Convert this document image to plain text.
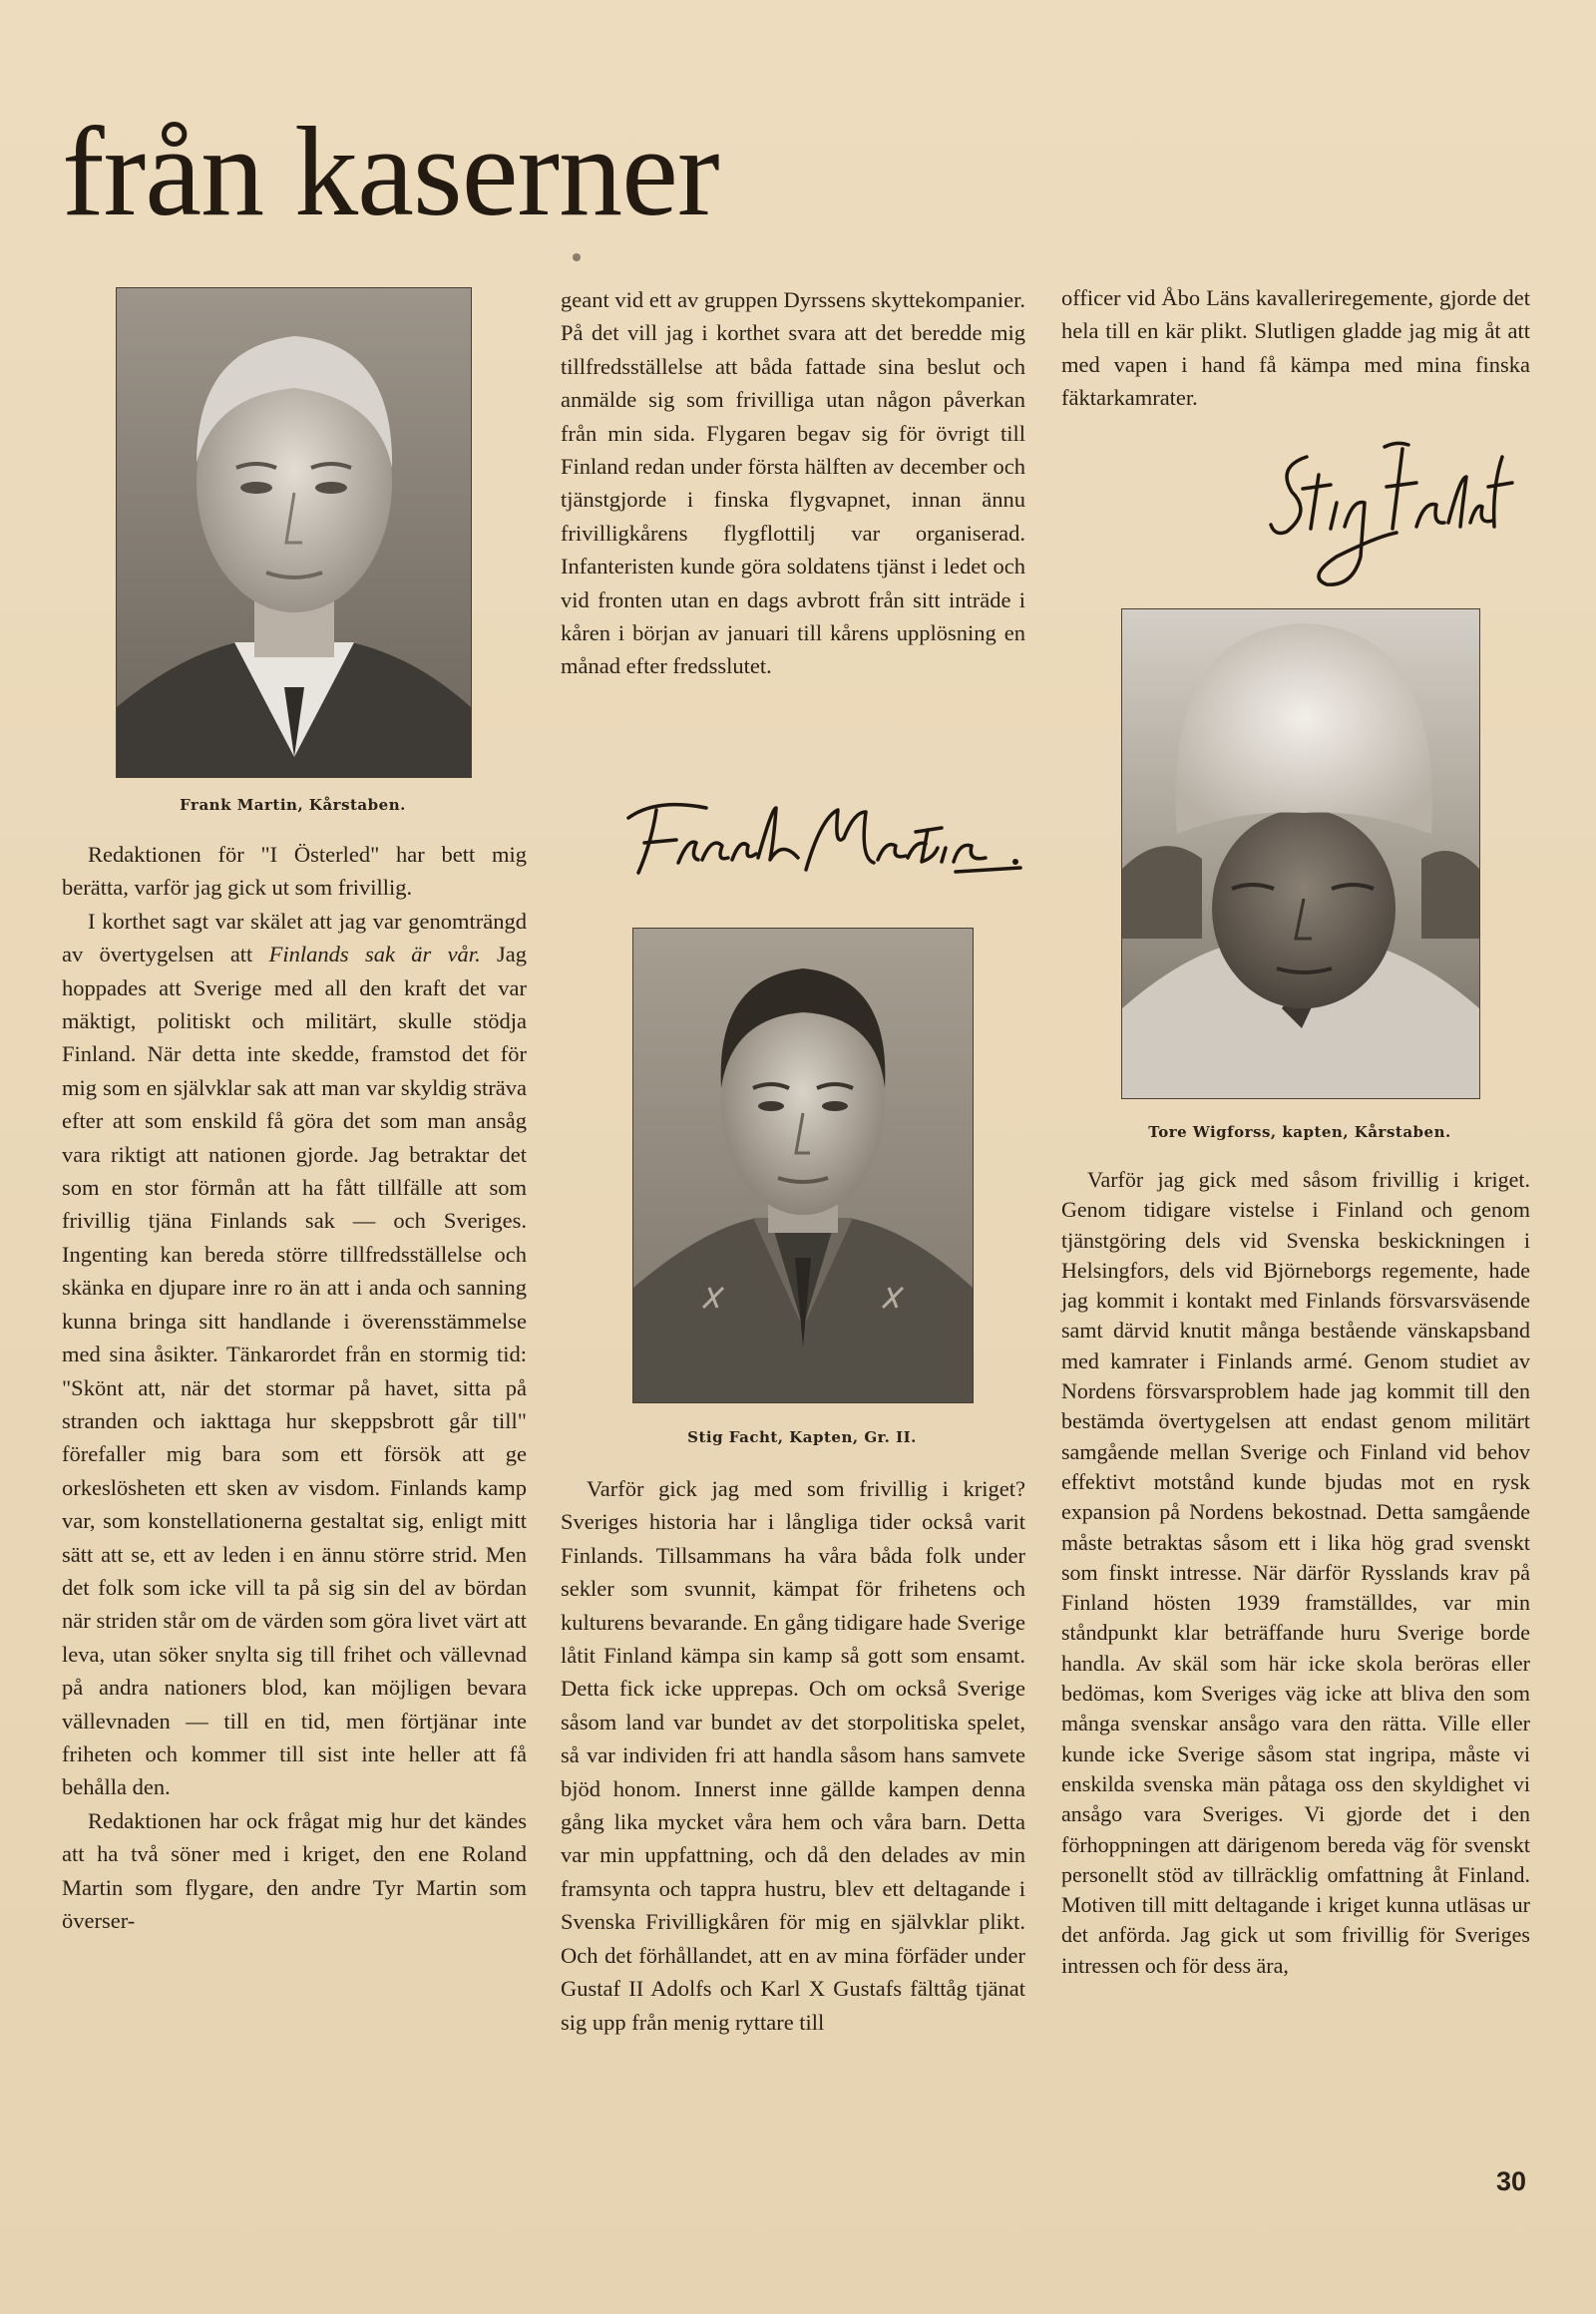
från kaserner
Frank Martin, Kårstaben.

Redaktionen för "I Österled" har bett mig berätta, varför jag gick ut som frivillig.

I korthet sagt var skälet att jag var genomträngd av övertygelsen att Finlands sak är vår. Jag hoppades att Sverige med all den kraft det var mäktigt, politiskt och militärt, skulle stödja Finland. När detta inte skedde, framstod det för mig som en självklar sak att man var skyldig sträva efter att som enskild få göra det som man ansåg vara riktigt att nationen gjorde. Jag betraktar det som en stor förmån att ha fått tillfälle att som frivillig tjäna Finlands sak — och Sveriges. Ingenting kan bereda större tillfredsställelse och skänka en djupare inre ro än att i anda och sanning kunna bringa sitt handlande i överensstämmelse med sina åsikter. Tänkarordet från en stormig tid: "Skönt att, när det stormar på havet, sitta på stranden och iakttaga hur skeppsbrott går till" förefaller mig bara som ett försök att ge orkeslösheten ett sken av visdom. Finlands kamp var, som konstellationerna gestaltat sig, enligt mitt sätt att se, ett av leden i en ännu större strid. Men det folk som icke vill ta på sig sin del av bördan när striden står om de värden som göra livet värt att leva, utan söker snylta sig till frihet och vällevnad på andra nationers blod, kan möjligen bevara vällevnaden — till en tid, men förtjänar inte friheten och kommer till sist inte heller att få behålla den.

Redaktionen har ock frågat mig hur det kändes att ha två söner med i kriget, den ene Roland Martin som flygare, den andre Tyr Martin som överser-

geant vid ett av gruppen Dyrssens skyttekompanier. På det vill jag i korthet svara att det beredde mig tillfredsställelse att båda fattade sina beslut och anmälde sig som frivilliga utan någon påverkan från min sida. Flygaren begav sig för övrigt till Finland redan under första hälften av december och tjänstgjorde i finska flygvapnet, innan ännu frivilligkårens flygflottilj var organiserad. Infanteristen kunde göra soldatens tjänst i ledet och vid fronten utan en dags avbrott från sitt inträde i kåren i början av januari till kårens upplösning en månad efter fredsslutet.

Stig Facht, Kapten, Gr. II.

Varför gick jag med som frivillig i kriget? Sveriges historia har i långliga tider också varit Finlands. Tillsammans ha våra båda folk under sekler som svunnit, kämpat för frihetens och kulturens bevarande. En gång tidigare hade Sverige låtit Finland kämpa sin kamp så gott som ensamt. Detta fick icke upprepas. Och om också Sverige såsom land var bundet av det storpolitiska spelet, så var individen fri att handla såsom hans samvete bjöd honom. Innerst inne gällde kampen denna gång lika mycket våra hem och våra barn. Detta var min uppfattning, och då den delades av min framsynta och tappra hustru, blev ett deltagande i Svenska Frivilligkåren för mig en självklar plikt. Och det förhållandet, att en av mina förfäder under Gustaf II Adolfs och Karl X Gustafs fälttåg tjänat sig upp från menig ryttare till

officer vid Åbo Läns kavalleriregemente, gjorde det hela till en kär plikt. Slutligen gladde jag mig åt att med vapen i hand få kämpa med mina finska fäktarkamrater.

Tore Wigforss, kapten, Kårstaben.

Varför jag gick med såsom frivillig i kriget. Genom tidigare vistelse i Finland och genom tjänstgöring dels vid Svenska beskickningen i Helsingfors, dels vid Björneborgs regemente, hade jag kommit i kontakt med Finlands försvarsväsende samt därvid knutit många bestående vänskapsband med kamrater i Finlands armé. Genom studiet av Nordens försvarsproblem hade jag kommit till den bestämda övertygelsen att endast genom militärt samgående mellan Sverige och Finland vid behov effektivt motstånd kunde bjudas mot en rysk expansion på Nordens bekostnad. Detta samgående måste betraktas såsom ett i lika hög grad svenskt som finskt intresse. När därför Rysslands krav på Finland hösten 1939 framställdes, var min ståndpunkt klar beträffande huru Sverige borde handla. Av skäl som här icke skola beröras eller bedömas, kom Sveriges väg icke att bliva den som många svenskar ansågo vara den rätta. Ville eller kunde icke Sverige såsom stat ingripa, måste vi enskilda svenska män påtaga oss den skyldighet vi ansågo vara Sveriges. Vi gjorde det i den förhoppningen att därigenom bereda väg för svenskt personellt stöd av tillräcklig omfattning åt Finland. Motiven till mitt deltagande i kriget kunna utläsas ur det anförda. Jag gick ut som frivillig för Sveriges intressen och för dess ära,

30
